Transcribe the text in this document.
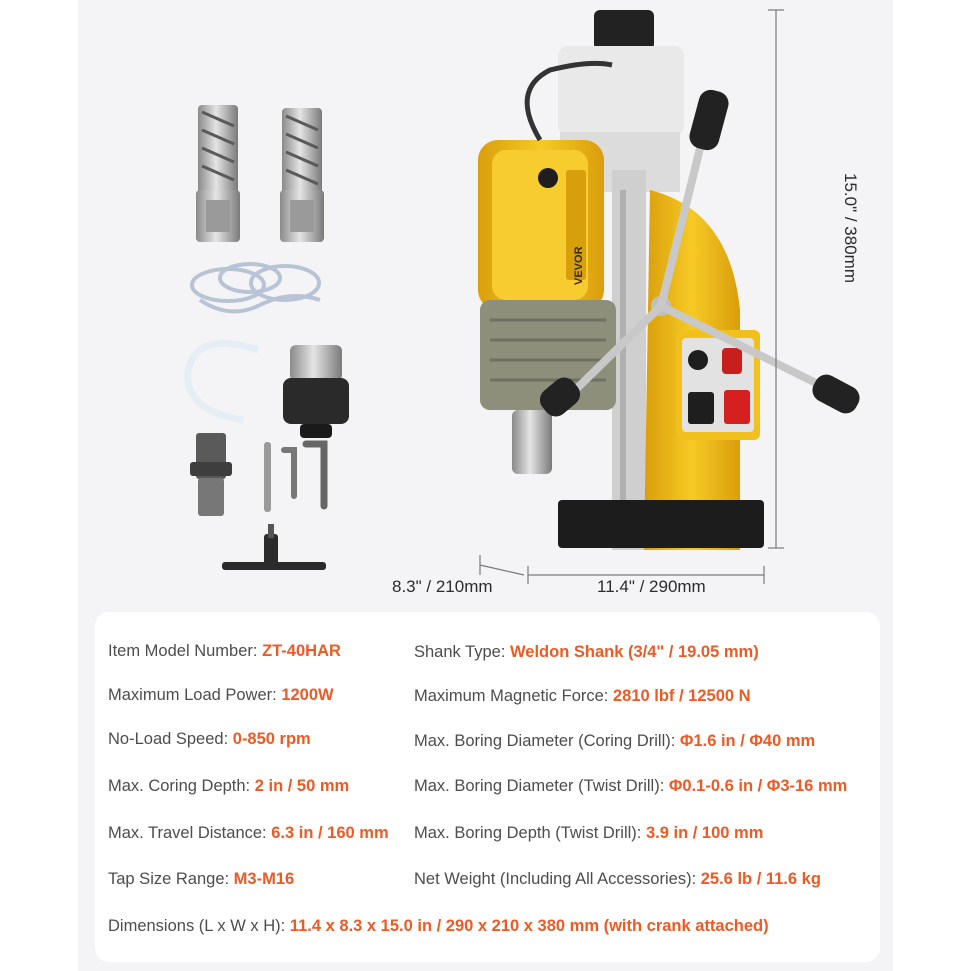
VEVOR	15.0" / 380mm
8.3" / 210mm	11.4" / 290mm
Item Model Number: ZT-40HAR
Maximum Load Power: 1200W
No-Load Speed: 0-850 rpm
Max. Coring Depth: 2 in / 50 mm
Max. Travel Distance: 6.3 in / 160 mm
Tap Size Range: M3-M16
Shank Type: Weldon Shank (3/4" / 19.05 mm)
Maximum Magnetic Force: 2810 lbf / 12500 N
Max. Boring Diameter (Coring Drill): Φ1.6 in / Φ40 mm
Max. Boring Diameter (Twist Drill): Φ0.1-0.6 in / Φ3-16 mm
Max. Boring Depth (Twist Drill): 3.9 in / 100 mm
Net Weight (Including All Accessories): 25.6 lb / 11.6 kg
Dimensions (L x W x H): 11.4 x 8.3 x 15.0 in / 290 x 210 x 380 mm (with crank attached)
